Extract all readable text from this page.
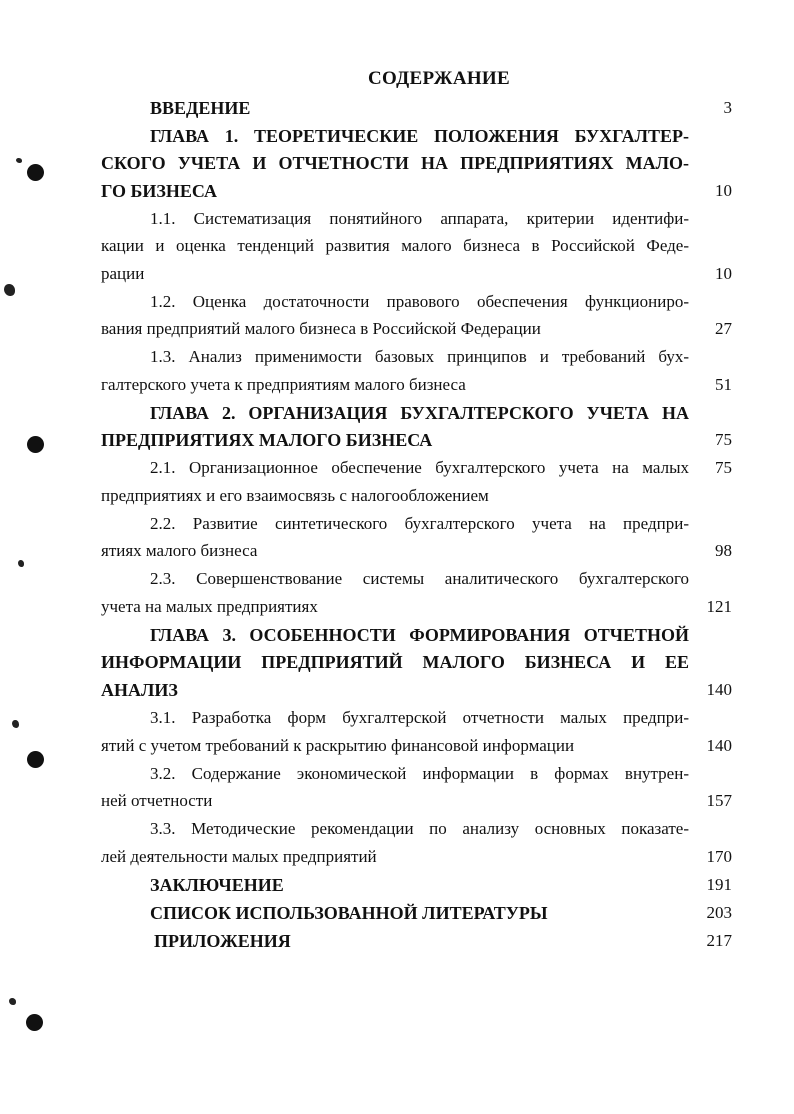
СОДЕРЖАНИЕ
ВВЕДЕНИЕ	3
ГЛАВА 1. ТЕОРЕТИЧЕСКИЕ ПОЛОЖЕНИЯ БУХГАЛТЕР-
СКОГО УЧЕТА И ОТЧЕТНОСТИ НА ПРЕДПРИЯТИЯХ МАЛО-
ГО БИЗНЕСА	10
1.1. Систематизация понятийного аппарата, критерии идентифи-
кации и оценка тенденций развития малого бизнеса в Российской Феде-
рации	10
1.2. Оценка достаточности правового обеспечения функциониро-
вания предприятий малого бизнеса в Российской Федерации	27
1.3. Анализ применимости базовых принципов и требований бух-
галтерского учета к предприятиям малого бизнеса	51
ГЛАВА 2. ОРГАНИЗАЦИЯ БУХГАЛТЕРСКОГО УЧЕТА НА
ПРЕДПРИЯТИЯХ МАЛОГО БИЗНЕСА	75
2.1. Организационное обеспечение бухгалтерского учета на малых	75
предприятиях и его взаимосвязь с налогообложением
2.2. Развитие синтетического бухгалтерского учета на предпри-
ятиях малого бизнеса	98
2.3. Совершенствование системы аналитического бухгалтерского
учета на малых предприятиях	121
ГЛАВА 3. ОСОБЕННОСТИ ФОРМИРОВАНИЯ ОТЧЕТНОЙ
ИНФОРМАЦИИ ПРЕДПРИЯТИЙ МАЛОГО БИЗНЕСА И ЕЕ
АНАЛИЗ	140
3.1. Разработка форм бухгалтерской отчетности малых предпри-
ятий с учетом требований к раскрытию финансовой информации	140
3.2. Содержание экономической информации в формах внутрен-
ней отчетности	157
3.3. Методические рекомендации по анализу основных показате-
лей деятельности малых предприятий	170
ЗАКЛЮЧЕНИЕ	191
СПИСОК ИСПОЛЬЗОВАННОЙ ЛИТЕРАТУРЫ	203
ПРИЛОЖЕНИЯ	217
